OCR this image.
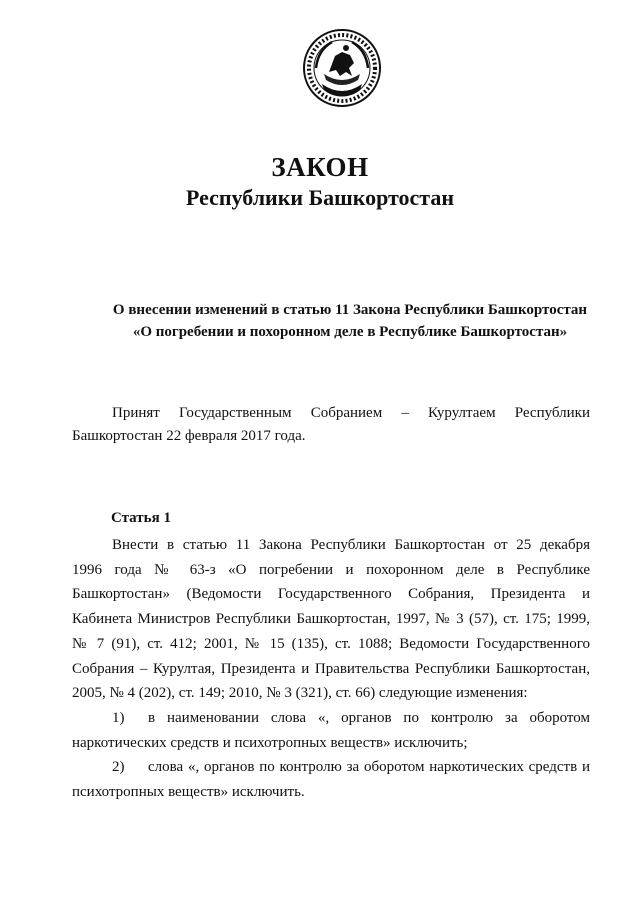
ЗАКОН
Республики Башкортостан
О внесении изменений в статью 11 Закона Республики Башкортостан
«О погребении и похоронном деле в Республике Башкортостан»
Принят Государственным Собранием – Курултаем Республики
Башкортостан 22 февраля 2017 года.
Статья 1
Внести в статью 11 Закона Республики Башкортостан от 25 декабря
1996 года № 63-з «О погребении и похоронном деле в Республике
Башкортостан» (Ведомости Государственного Собрания, Президента и
Кабинета Министров Республики Башкортостан, 1997, № 3 (57), ст. 175; 1999,
№ 7 (91), ст. 412; 2001, № 15 (135), ст. 1088; Ведомости Государственного
Собрания – Курултая, Президента и Правительства Республики Башкортостан,
2005, № 4 (202), ст. 149; 2010, № 3 (321), ст. 66) следующие изменения:
1) в наименовании слова «, органов по контролю за оборотом
наркотических средств и психотропных веществ» исключить;
2) слова «, органов по контролю за оборотом наркотических средств и
психотропных веществ» исключить.
